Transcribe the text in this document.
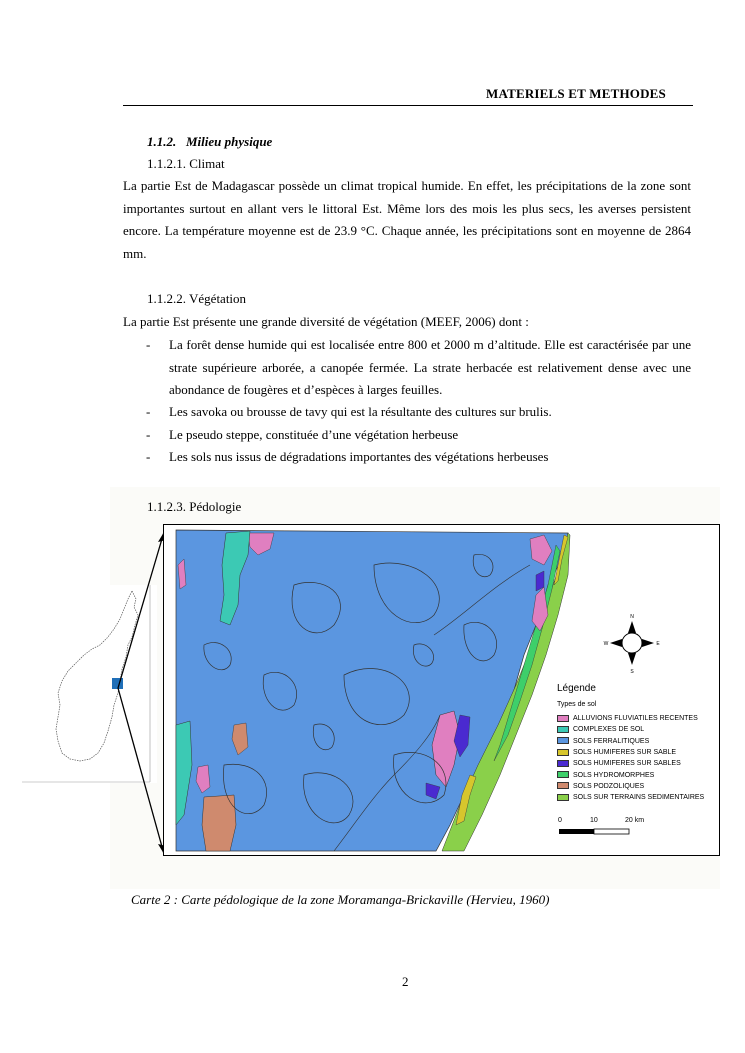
MATERIELS ET METHODES
1.1.2. Milieu physique
1.1.2.1. Climat
La partie Est de Madagascar possède un climat tropical humide. En effet, les précipitations de la zone sont importantes surtout en allant vers le littoral Est. Même lors des mois les plus secs, les averses persistent encore. La température moyenne est de 23.9 °C. Chaque année, les précipitations sont en moyenne de 2864 mm.
1.1.2.2. Végétation
La partie Est présente une grande diversité de végétation (MEEF, 2006) dont :
- La forêt dense humide qui est localisée entre 800 et 2000 m d’altitude. Elle est caractérisée par une strate supérieure arborée, a canopée fermée. La strate herbacée est relativement dense avec une abondance de fougères et d’espèces à larges feuilles.
- Les savoka ou brousse de tavy qui est la résultante des cultures sur brulis.
- Le pseudo steppe, constituée d’une végétation herbeuse
- Les sols nus issus de dégradations importantes des végétations herbeuses
1.1.2.3. Pédologie
N
S
E
W
Légende
Types de sol
ALLUVIONS FLUVIATILES RECENTES
COMPLEXES DE SOL
SOLS FERRALITIQUES
SOLS HUMIFERES SUR SABLE
SOLS HUMIFERES SUR SABLES
SOLS HYDROMORPHES
SOLS PODZOLIQUES
SOLS SUR TERRAINS SEDIMENTAIRES
0	10	20 km
Carte 2 : Carte pédologique de la zone Moramanga-Brickaville (Hervieu, 1960)
2
